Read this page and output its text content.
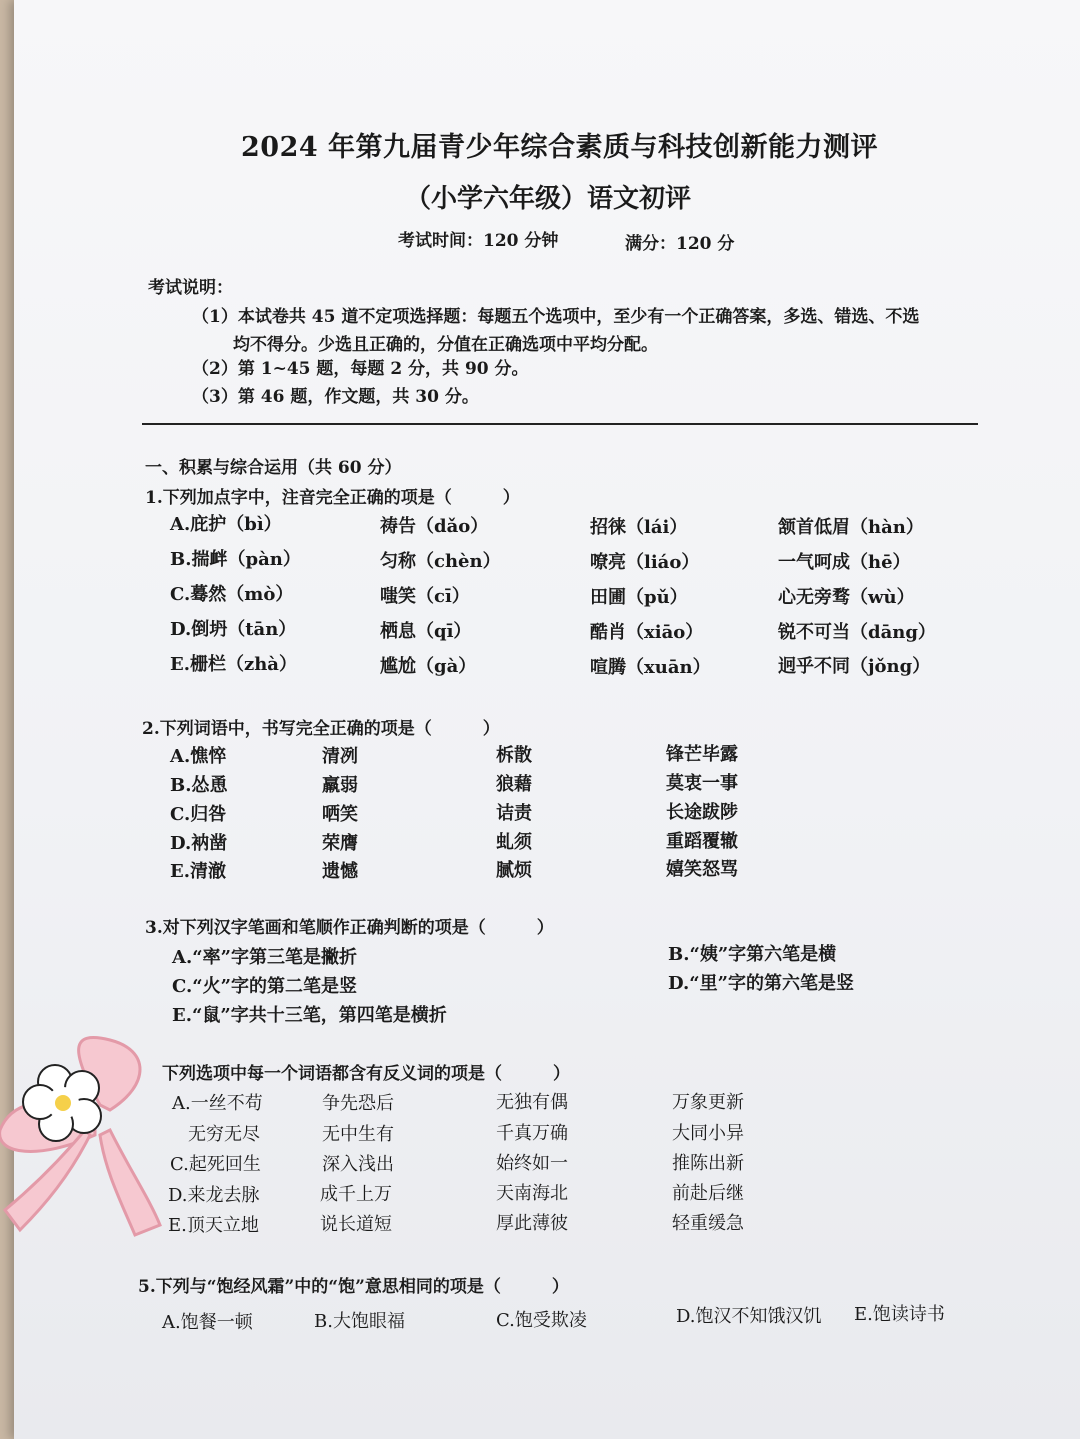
2024 年第九届青少年综合素质与科技创新能力测评
（小学六年级）语文初评
考试时间：120 分钟	满分：120 分
考试说明：
（1）本试卷共 45 道不定项选择题：每题五个选项中，至少有一个正确答案，多选、错选、不选
均不得分。少选且正确的，分值在正确选项中平均分配。
（2）第 1~45 题，每题 2 分，共 90 分。
（3）第 46 题，作文题，共 30 分。
一、积累与综合运用（共 60 分）
1.下列加点字中，注音完全正确的项是（　　　）
A.庇护（bì）	祷告（dǎo）	招徕（lái）	颔首低眉（hàn）
B.揣衅（pàn）	匀称（chèn）	嘹亮（liáo）	一气呵成（hē）
C.蓦然（mò）	嗤笑（cī）	田圃（pǔ）	心无旁骛（wù）
D.倒坍（tān）	栖息（qī）	酷肖（xiāo）	锐不可当（dāng）
E.栅栏（zhà）	尴尬（gà）	喧腾（xuān）	迥乎不同（jǒng）
2.下列词语中，书写完全正确的项是（　　　）
A.憔悴	清冽	柝散	锋芒毕露
B.怂恿	羸弱	狼藉	莫衷一事
C.归咎	哂笑	诘责	长途跋陟
D.衲凿	荣膺	虬须	重蹈覆辙
E.清澈	遗憾	腻烦	嬉笑怒骂
3.对下列汉字笔画和笔顺作正确判断的项是（　　　）
A.“率”字第三笔是撇折	B.“姨”字第六笔是横
C.“火”字的第二笔是竖	D.“里”字的第六笔是竖
E.“鼠”字共十三笔，第四笔是横折
下列选项中每一个词语都含有反义词的项是（　　　）
A.一丝不苟	争先恐后	无独有偶	万象更新
无穷无尽	无中生有	千真万确	大同小异
C.起死回生	深入浅出	始终如一	推陈出新
D.来龙去脉	成千上万	天南海北	前赴后继
E.顶天立地	说长道短	厚此薄彼	轻重缓急
5.下列与“饱经风霜”中的“饱”意思相同的项是（　　　）
A.饱餐一顿	B.大饱眼福	C.饱受欺凌	D.饱汉不知饿汉饥 E.饱读诗书
